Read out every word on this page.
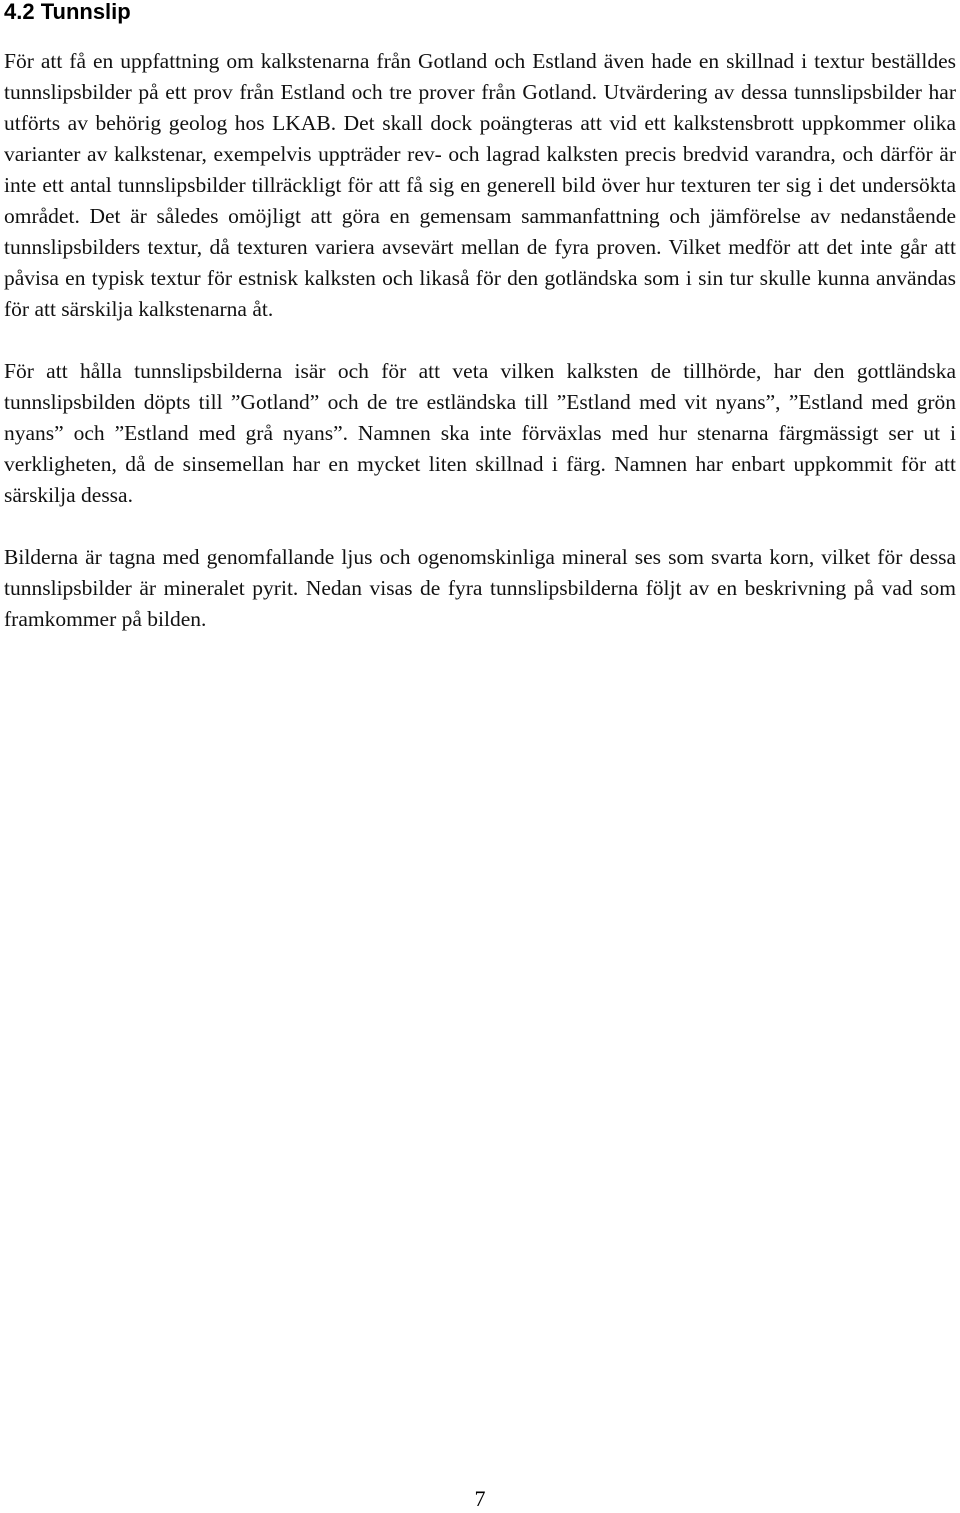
4.2 Tunnslip

För att få en uppfattning om kalkstenarna från Gotland och Estland även hade en skillnad i textur beställdes tunnslipsbilder på ett prov från Estland och tre prover från Gotland. Utvärdering av dessa tunnslipsbilder har utförts av behörig geolog hos LKAB. Det skall dock poängteras att vid ett kalkstensbrott uppkommer olika varianter av kalkstenar, exempelvis uppträder rev- och lagrad kalksten precis bredvid varandra, och därför är inte ett antal tunnslipsbilder tillräckligt för att få sig en generell bild över hur texturen ter sig i det undersökta området. Det är således omöjligt att göra en gemensam sammanfattning och jämförelse av nedanstående tunnslipsbilders textur, då texturen variera avsevärt mellan de fyra proven. Vilket medför att det inte går att påvisa en typisk textur för estnisk kalksten och likaså för den gotländska som i sin tur skulle kunna användas för att särskilja kalkstenarna åt.

För att hålla tunnslipsbilderna isär och för att veta vilken kalksten de tillhörde, har den gottländska tunnslipsbilden döpts till ”Gotland” och de tre estländska till ”Estland med vit nyans”, ”Estland med grön nyans” och ”Estland med grå nyans”. Namnen ska inte förväxlas med hur stenarna färgmässigt ser ut i verkligheten, då de sinsemellan har en mycket liten skillnad i färg. Namnen har enbart uppkommit för att särskilja dessa.

Bilderna är tagna med genomfallande ljus och ogenomskinliga mineral ses som svarta korn, vilket för dessa tunnslipsbilder är mineralet pyrit. Nedan visas de fyra tunnslipsbilderna följt av en beskrivning på vad som framkommer på bilden.

7
